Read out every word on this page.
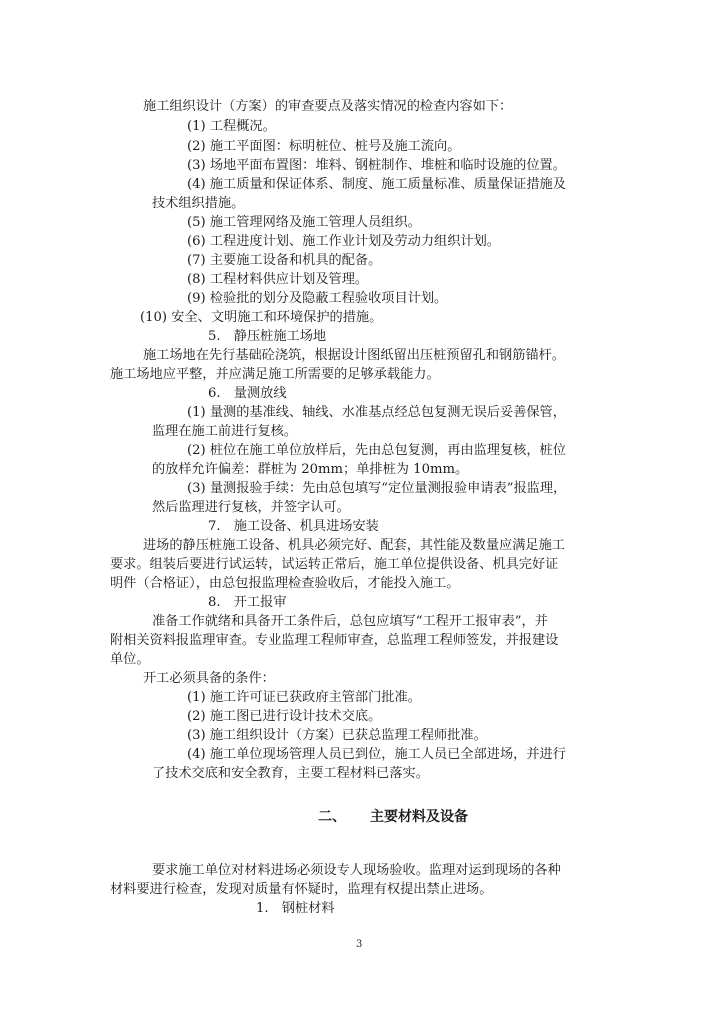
施工组织设计（方案）的审查要点及落实情况的检查内容如下：
(1) 工程概况。
(2) 施工平面图：标明桩位、桩号及施工流向。
(3) 场地平面布置图：堆料、钢桩制作、堆桩和临时设施的位置。
(4) 施工质量和保证体系、制度、施工质量标准、质量保证措施及
技术组织措施。
(5) 施工管理网络及施工管理人员组织。
(6) 工程进度计划、施工作业计划及劳动力组织计划。
(7) 主要施工设备和机具的配备。
(8) 工程材料供应计划及管理。
(9) 检验批的划分及隐蔽工程验收项目计划。
(10) 安全、文明施工和环境保护的措施。
5.　静压桩施工场地
施工场地在先行基础砼浇筑，根据设计图纸留出压桩预留孔和钢筋锚杆。
施工场地应平整，并应满足施工所需要的足够承载能力。
6.　量测放线
(1) 量测的基准线、轴线、水准基点经总包复测无误后妥善保管，
监理在施工前进行复核。
(2) 桩位在施工单位放样后，先由总包复测，再由监理复核，桩位
的放样允许偏差：群桩为 20mm；单排桩为 10mm。
(3) 量测报验手续：先由总包填写“定位量测报验申请表”报监理，
然后监理进行复核，并签字认可。
7.　施工设备、机具进场安装
进场的静压桩施工设备、机具必须完好、配套，其性能及数量应满足施工
要求。组装后要进行试运转，试运转正常后，施工单位提供设备、机具完好证
明件（合格证），由总包报监理检查验收后，才能投入施工。
8.　开工报审
准备工作就绪和具备开工条件后，总包应填写“工程开工报审表”，并
附相关资料报监理审查。专业监理工程师审查，总监理工程师签发，并报建设
单位。
开工必须具备的条件：
(1) 施工许可证已获政府主管部门批准。
(2) 施工图已进行设计技术交底。
(3) 施工组织设计（方案）已获总监理工程师批准。
(4) 施工单位现场管理人员已到位，施工人员已全部进场，并进行
了技术交底和安全教育，主要工程材料已落实。
二、 主要材料及设备
要求施工单位对材料进场必须设专人现场验收。监理对运到现场的各种
材料要进行检查，发现对质量有怀疑时，监理有权提出禁止进场。
1.　钢桩材料
3
